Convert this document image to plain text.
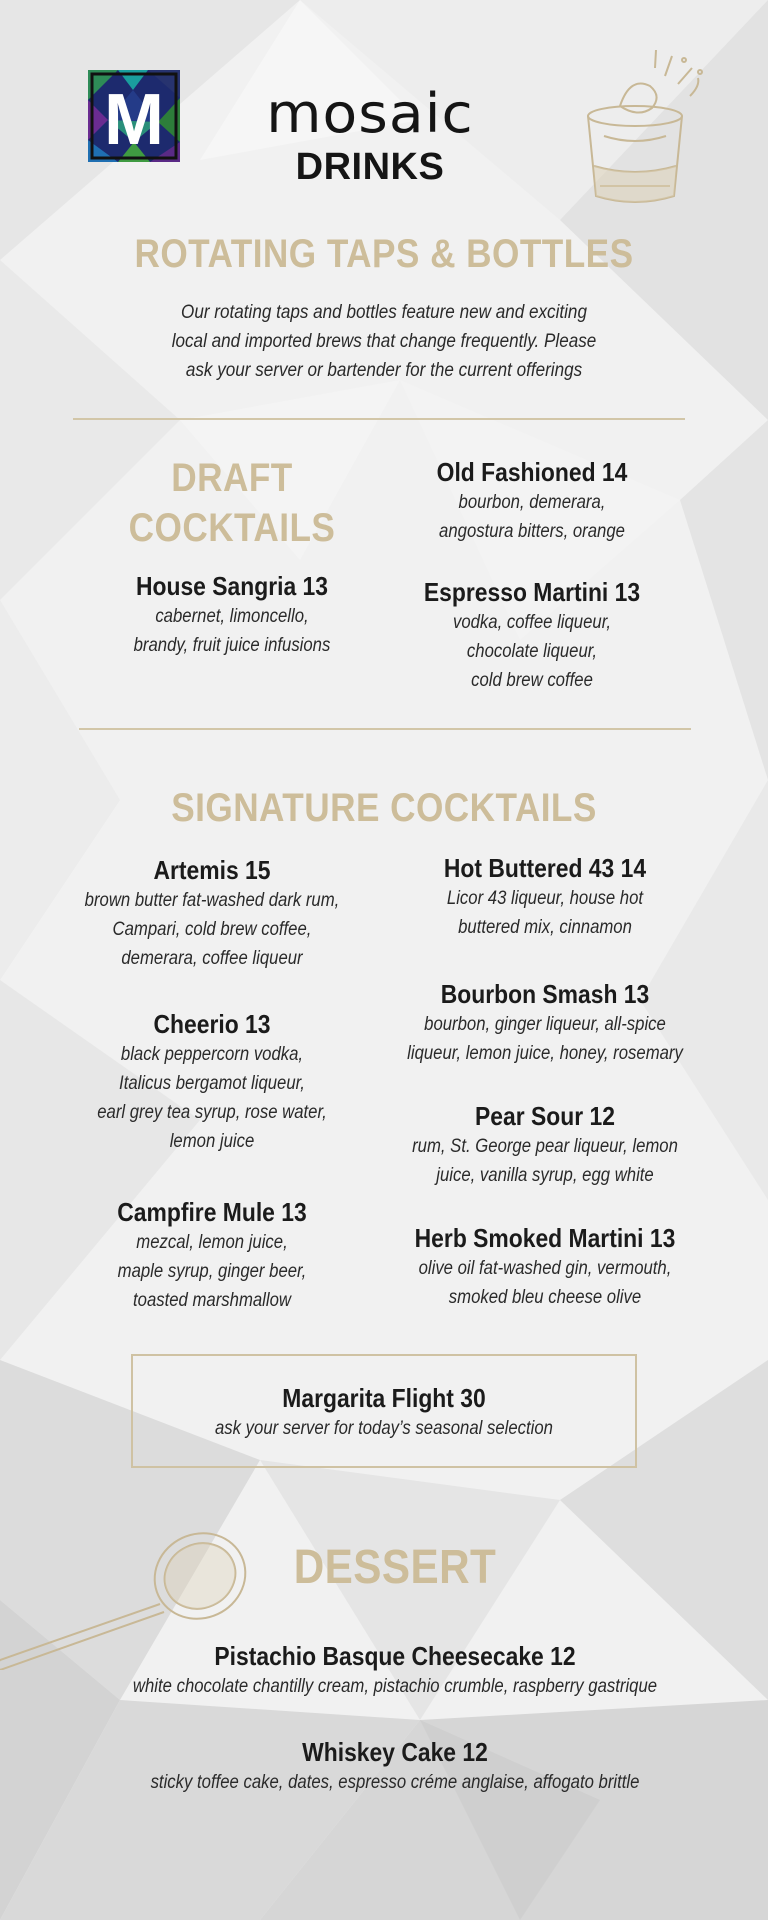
M	mosaic
DRINKS
ROTATING TAPS & BOTTLES
Our rotating taps and bottles feature new and exciting
local and imported brews that change frequently. Please
ask your server or bartender for the current offerings
DRAFT
COCKTAILS
House Sangria 13
cabernet, limoncello,
brandy, fruit juice infusions
Old Fashioned 14
bourbon, demerara,
angostura bitters, orange
Espresso Martini 13
vodka, coffee liqueur,
chocolate liqueur,
cold brew coffee
SIGNATURE COCKTAILS
Artemis 15
brown butter fat-washed dark rum,
Campari, cold brew coffee,
demerara, coffee liqueur
Cheerio 13
black peppercorn vodka,
Italicus bergamot liqueur,
earl grey tea syrup, rose water,
lemon juice
Campfire Mule 13
mezcal, lemon juice,
maple syrup, ginger beer,
toasted marshmallow
Hot Buttered 43 14
Licor 43 liqueur, house hot
buttered mix, cinnamon
Bourbon Smash 13
bourbon, ginger liqueur, all-spice
liqueur, lemon juice, honey, rosemary
Pear Sour 12
rum, St. George pear liqueur, lemon
juice, vanilla syrup, egg white
Herb Smoked Martini 13
olive oil fat-washed gin, vermouth,
smoked bleu cheese olive
Margarita Flight 30
ask your server for today’s seasonal selection
DESSERT
Pistachio Basque Cheesecake 12
white chocolate chantilly cream, pistachio crumble, raspberry gastrique
Whiskey Cake 12
sticky toffee cake, dates, espresso créme anglaise, affogato brittle
